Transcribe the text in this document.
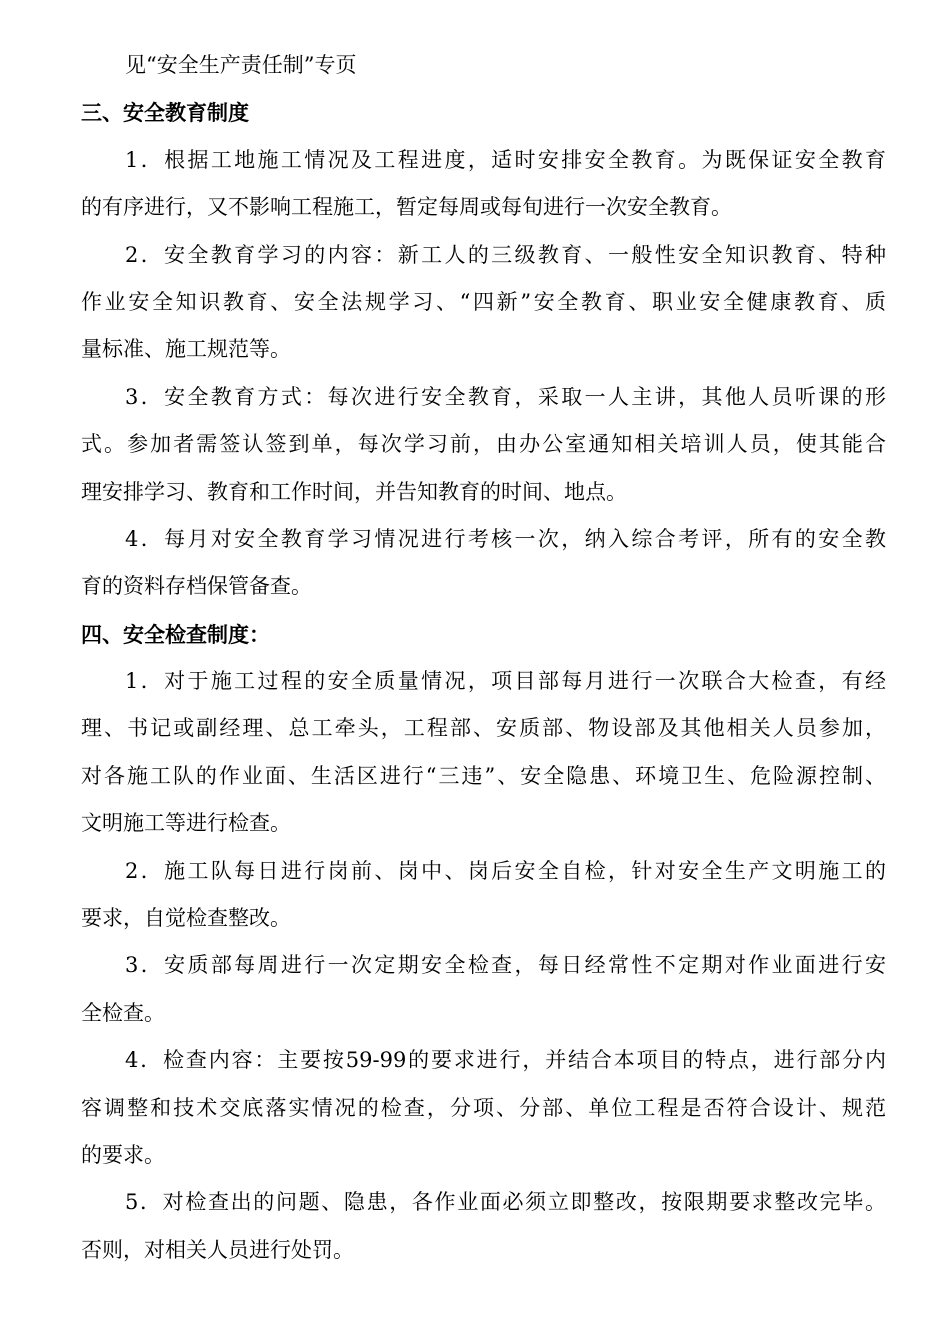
见“安全生产责任制”专页

三、安全教育制度

1．根据工地施工情况及工程进度，适时安排安全教育。为既保证安全教育

的有序进行，又不影响工程施工，暂定每周或每旬进行一次安全教育。

2．安全教育学习的内容：新工人的三级教育、一般性安全知识教育、特种

作业安全知识教育、安全法规学习、“四新”安全教育、职业安全健康教育、质

量标准、施工规范等。

3．安全教育方式：每次进行安全教育，采取一人主讲，其他人员听课的形

式。参加者需签认签到单，每次学习前，由办公室通知相关培训人员，使其能合

理安排学习、教育和工作时间，并告知教育的时间、地点。

4．每月对安全教育学习情况进行考核一次，纳入综合考评，所有的安全教

育的资料存档保管备查。

四、安全检查制度：

1．对于施工过程的安全质量情况，项目部每月进行一次联合大检查，有经

理、书记或副经理、总工牵头，工程部、安质部、物设部及其他相关人员参加，

对各施工队的作业面、生活区进行“三违”、安全隐患、环境卫生、危险源控制、

文明施工等进行检查。

2．施工队每日进行岗前、岗中、岗后安全自检，针对安全生产文明施工的

要求，自觉检查整改。

3．安质部每周进行一次定期安全检查，每日经常性不定期对作业面进行安

全检查。

4．检查内容：主要按59-99的要求进行，并结合本项目的特点，进行部分内

容调整和技术交底落实情况的检查，分项、分部、单位工程是否符合设计、规范

的要求。

5．对检查出的问题、隐患，各作业面必须立即整改，按限期要求整改完毕。

否则，对相关人员进行处罚。
